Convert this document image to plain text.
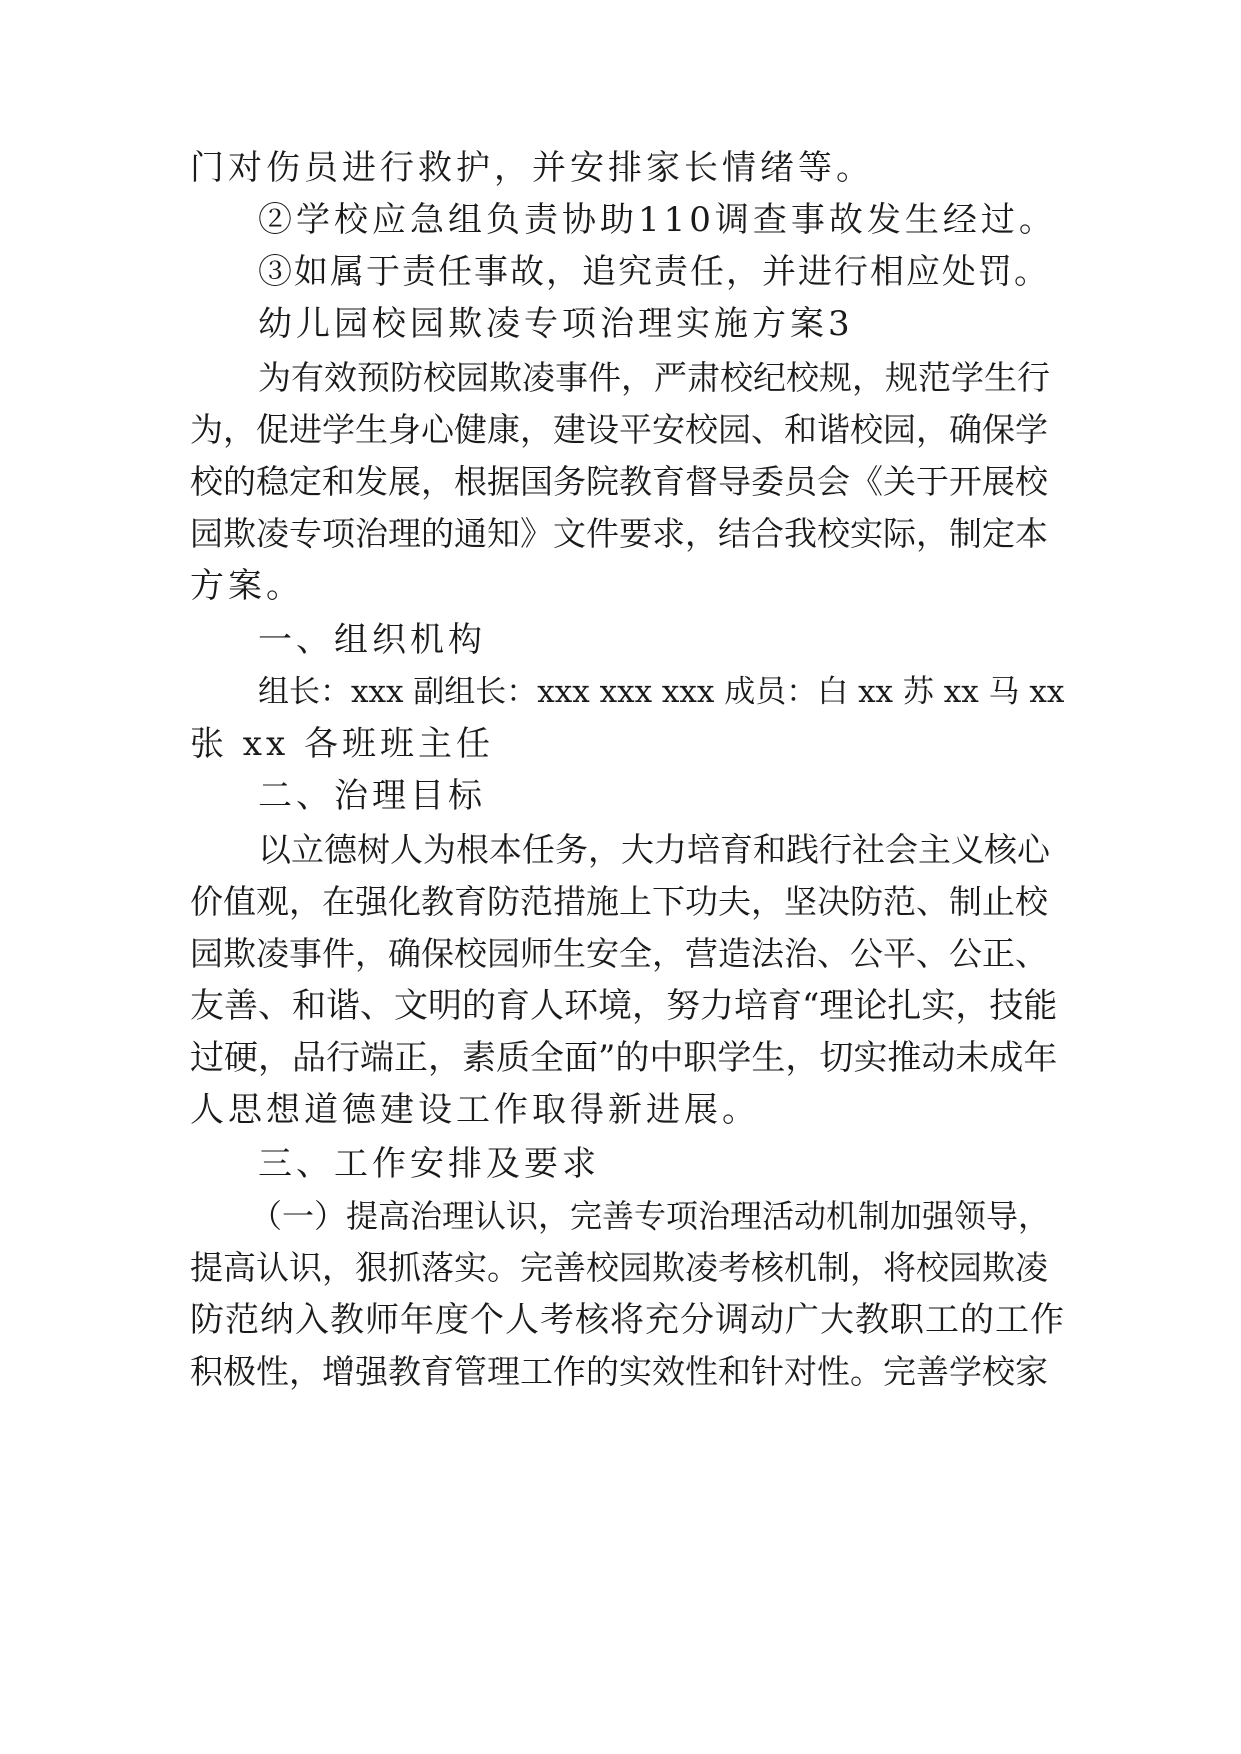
门对伤员进行救护，并安排家长情绪等。
②学校应急组负责协助110调查事故发生经过。
③如属于责任事故，追究责任，并进行相应处罚。
幼儿园校园欺凌专项治理实施方案3
为有效预防校园欺凌事件，严肃校纪校规，规范学生行
为，促进学生身心健康，建设平安校园、和谐校园，确保学
校的稳定和发展，根据国务院教育督导委员会《关于开展校
园欺凌专项治理的通知》文件要求，结合我校实际，制定本
方案。
一、组织机构
组长：xxx 副组长：xxx xxx xxx 成员：白 xx 苏 xx 马 xx
张 xx 各班班主任
二、治理目标
以立德树人为根本任务，大力培育和践行社会主义核心
价值观，在强化教育防范措施上下功夫，坚决防范、制止校
园欺凌事件，确保校园师生安全，营造法治、公平、公正、
友善、和谐、文明的育人环境，努力培育“理论扎实，技能
过硬，品行端正，素质全面”的中职学生，切实推动未成年
人思想道德建设工作取得新进展。
三、工作安排及要求
（一）提高治理认识，完善专项治理活动机制加强领导，
提高认识，狠抓落实。完善校园欺凌考核机制，将校园欺凌
防范纳入教师年度个人考核将充分调动广大教职工的工作
积极性，增强教育管理工作的实效性和针对性。完善学校家
